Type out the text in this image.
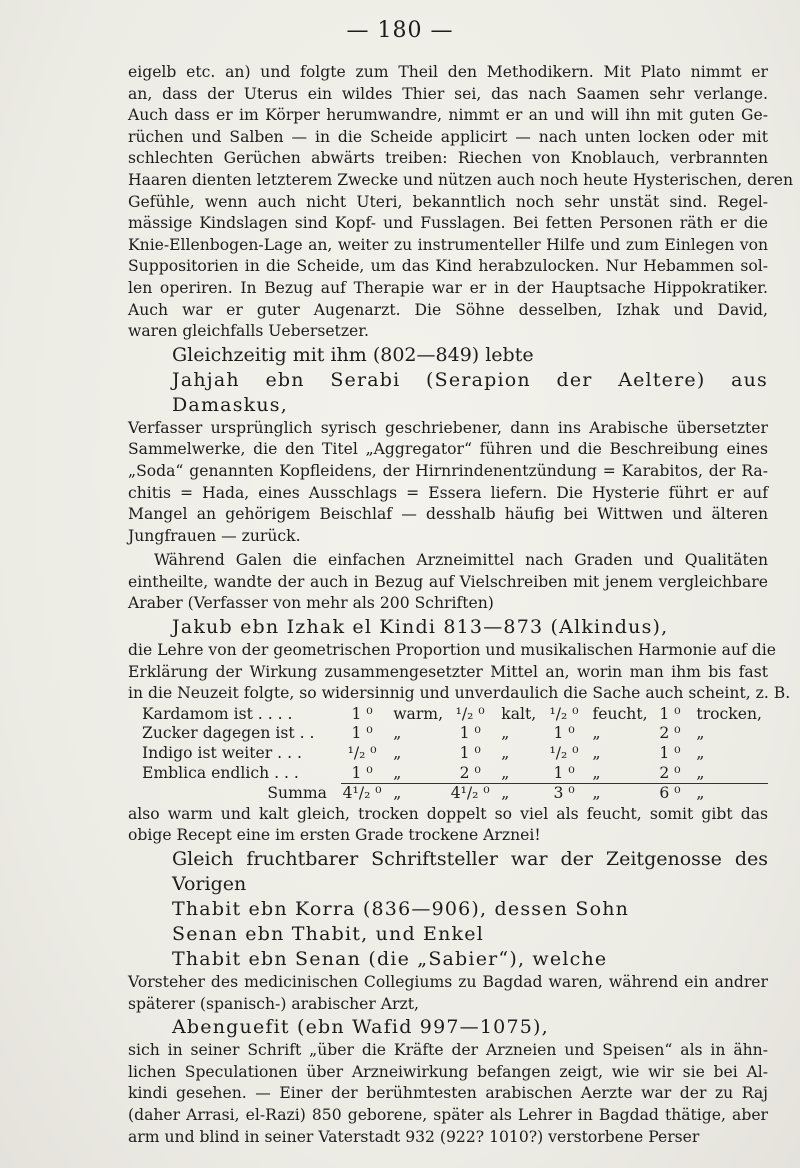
— 180 —

eigelb etc. an) und folgte zum Theil den Methodikern. Mit Plato nimmt er
an, dass der Uterus ein wildes Thier sei, das nach Saamen sehr verlange.
Auch dass er im Körper herumwandre, nimmt er an und will ihn mit guten Ge-
rüchen und Salben — in die Scheide applicirt — nach unten locken oder mit
schlechten Gerüchen abwärts treiben: Riechen von Knoblauch, verbrannten
Haaren dienten letzterem Zwecke und nützen auch noch heute Hysterischen, deren
Gefühle, wenn auch nicht Uteri, bekanntlich noch sehr unstät sind. Regel-
mässige Kindslagen sind Kopf- und Fusslagen. Bei fetten Personen räth er die
Knie-Ellenbogen-Lage an, weiter zu instrumenteller Hilfe und zum Einlegen von
Suppositorien in die Scheide, um das Kind herabzulocken. Nur Hebammen sol-
len operiren. In Bezug auf Therapie war er in der Hauptsache Hippokratiker.
Auch war er guter Augenarzt. Die Söhne desselben, Izhak und David,
waren gleichfalls Uebersetzer.

Gleichzeitig mit ihm (802—849) lebte

Jahjah ebn Serabi (Serapion der Aeltere) aus Damaskus,

Verfasser ursprünglich syrisch geschriebener, dann ins Arabische übersetzter
Sammelwerke, die den Titel „Aggregator“ führen und die Beschreibung eines
„Soda“ genannten Kopfleidens, der Hirnrindenentzündung = Karabitos, der Ra-
chitis = Hada, eines Ausschlags = Essera liefern. Die Hysterie führt er auf
Mangel an gehörigem Beischlaf — desshalb häufig bei Wittwen und älteren
Jungfrauen — zurück.

Während Galen die einfachen Arzneimittel nach Graden und Qualitäten
eintheilte, wandte der auch in Bezug auf Vielschreiben mit jenem vergleichbare
Araber (Verfasser von mehr als 200 Schriften)

Jakub ebn Izhak el Kindi 813—873 (Alkindus),

die Lehre von der geometrischen Proportion und musikalischen Harmonie auf die
Erklärung der Wirkung zusammengesetzter Mittel an, worin man ihm bis fast
in die Neuzeit folgte, so widersinnig und unverdaulich die Sache auch scheint, z. B.

Kardamom ist . . . .	1 ⁰	warm,	¹/₂ ⁰	kalt,	¹/₂ ⁰	feucht,	1 ⁰	trocken,
Zucker dagegen ist . .	1 ⁰	„	1 ⁰	„	1 ⁰	„	2 ⁰	„
Indigo ist weiter . . .	¹/₂ ⁰	„	1 ⁰	„	¹/₂ ⁰	„	1 ⁰	„
Emblica endlich . . .	1 ⁰	„	2 ⁰	„	1 ⁰	„	2 ⁰	„
Summa	4¹/₂ ⁰	„	4¹/₂ ⁰	„	3 ⁰	„	6 ⁰	„

also warm und kalt gleich, trocken doppelt so viel als feucht, somit gibt das
obige Recept eine im ersten Grade trockene Arznei!

Gleich fruchtbarer Schriftsteller war der Zeitgenosse des Vorigen

Thabit ebn Korra (836—906), dessen Sohn

Senan ebn Thabit, und Enkel

Thabit ebn Senan (die „Sabier“), welche

Vorsteher des medicinischen Collegiums zu Bagdad waren, während ein andrer
späterer (spanisch-) arabischer Arzt,

Abenguefit (ebn Wafid 997—1075),

sich in seiner Schrift „über die Kräfte der Arzneien und Speisen“ als in ähn-
lichen Speculationen über Arzneiwirkung befangen zeigt, wie wir sie bei Al-
kindi gesehen. — Einer der berühmtesten arabischen Aerzte war der zu Raj
(daher Arrasi, el-Razi) 850 geborene, später als Lehrer in Bagdad thätige, aber
arm und blind in seiner Vaterstadt 932 (922? 1010?) verstorbene Perser
